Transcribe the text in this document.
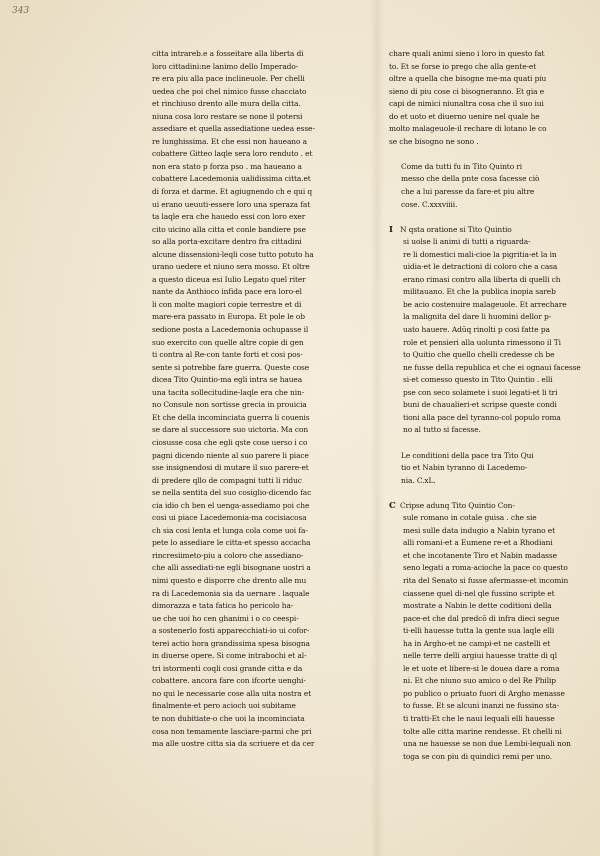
343
citta intrareb.e a fosseitare alla liberta di
loro cittadini:ne lanimo dello Imperado-
re era piu alla pace inclineuole. Per chelli
uedea che poi chel nimico fusse chacciato
et rinchiuso drento alle mura della citta.
niuna cosa loro restare se none il potersi
assediare et quella assediatione uedea esse-
re lunghissima. Et che essi non haueano a
cobattere Gitteo laqle sera loro renduto . et
non era stato p forza pso . ma haueano a
cobattere Lacedemonia ualidissima citta.et
di forza et darme. Et agiugnendo ch e qui q
ui erano ueuuti-essere loro una speraza fat
ta laqle era che hauedo essi con loro exer
cito uicino alla citta et conle bandiere pse
so alla porta-excitare dentro fra cittadini
alcune dissensioni-leqli cose tutto potuto ha
urano uedere et niuno sera mosso. Et oltre
a questo diceua esi Iulio Legato quel riter
nante da Anthioco infida pace era loro-el
li con molte magiori copie terrestre et di
mare-era passato in Europa. Et pole le ob
sedione posta a Lacedemonia ochupasse il
suo exercito con quelle altre copie di gen
ti contra al Re-con tante forti et cosi pos-
sente si potrebbe fare guerra. Queste cose
dicea Tito Quintio-ma egli intra se hauea
una tacita sollecitudine-laqle era che nin-
no Consule non sortisse grecia in prouicia
Et che della incominciata guerra li couenis
se dare al successore suo uictoria. Ma con
ciosusse cosa che egli qste cose uerso i co
pagni dicendo niente al suo parere li piace
sse insignendosi di mutare il suo parere-et
di predere qllo de compagni tutti li riduc
se nella sentita del suo cosiglio-dicendo fac
cia idio ch ben el uenga-assediamo poi che
cosi ui piace Lacedemonia-ma cocisiacosa
ch sia cosi lenta et lunga cola come uoi fa-
pete lo assediare le citta-et spesso accacha
rincresiimeto-piu a coloro che assediano-
che alli assediati-ne egli bisognane uostri a
nimi questo e disporre che drento alle mu
ra di Lacedemonia sia da uernare . laquale
dimorazza e tata fatica ho pericolo ha-
ue che uoi ho cen ghanimi i o co ceespi-
a sostenerlo fosti apparecchiati-io ui cofor-
terei actio hora grandissima spesa bisogna
in diuerse opere. Si come intrabochi et al-
tri istormenti coqli cosi grande citta e da
cobattere. ancora fare con ifcorte uenghi-
no qui le necessarie cose alla uita nostra et
finalmente-et pero acioch uoi subitame
te non dubitiate-o che uoi la incominciata
cosa non temamente lasciare-parmi che pri
ma alle uostre citta sia da scriuere et da cer
chare quali animi sieno i loro in questo fat
to. Et se forse io prego che alla gente-et
oltre a quella che bisogne me-ma quati piu
sieno di piu cose ci bisogneranno. Et gia e
capi de nimici niunaltra cosa che il suo iui
do et uoto et diuerno uenire nel quale he
molto malageuole-il rechare di lotano le co
se che bisogno ne sono .
Come da tutti fu in Tito Quinto ri
messo che della pnte cosa facesse ciò
che a lui paresse da fare-et piu altre
cose. C.xxxviiii.
I N qsta oratione si Tito Quintio
si uolse li animi di tutti a riguarda-
re li domestici mali-cioe la pigritia-et la in
uidia-et le detractioni di coloro che a casa
erano rimasi contro alla liberta di quelli ch
militauano. Et che la publica inopia sareb
be acio costenuire malageuole. Et arrechare
la malignita del dare li huomini dellor p-
uato hauere. Adūq rinolti p cosi fatte pa
role et pensieri alla uolunta rimessono il Ti
to Quitio che quello chelli credesse ch be
ne fusse della republica et che ei ognaui facesse
si-et comesso questo in Tito Quintio . elli
pse con seco solamete i suoi legati-et li tri
buni de chaualieri-et scripse queste condi
tioni alla pace del tyranno-col populo roma
no al tutto si facesse.
Le conditioni della pace tra Tito Qui
tio et Nabin tyranno di Lacedemo-
nia. C.xL.
C Cripse adunq Tito Quintio Con-
sule romano in cotale guisa . che sie
mesi sulle data indugio a Nabin tyrano et
alli romani-et a Eumene re-et a Rhodiani
et che incotanente Tiro et Nabin madasse
seno legati a roma-acioche la pace co questo
rita del Senato si fusse afermasse-et incomin
ciassene quel di-nel qle fussino scripte et
mostrate a Nabin le dette coditioni della
pace-et che dal predcō di infra dieci segue
ti-elli hauesse tutta la gente sua laqle elli
ha in Argho-et ne campi-et ne castelli et
nelle terre delli argiui hauesse tratte di ql
le et uote et libere-si le douea dare a roma
ni. Et che niuno suo amico o del Re Philip
po publico o priuato fuori di Argho menasse
to fusse. Et se alcuni inanzi ne fussino sta-
ti tratti-Et che le naui lequali elli hauesse
tolte alle citta marine rendesse. Et chelli ni
una ne hauesse se non due Lembi-lequali non
toga se con piu di quindici remi per uno.
